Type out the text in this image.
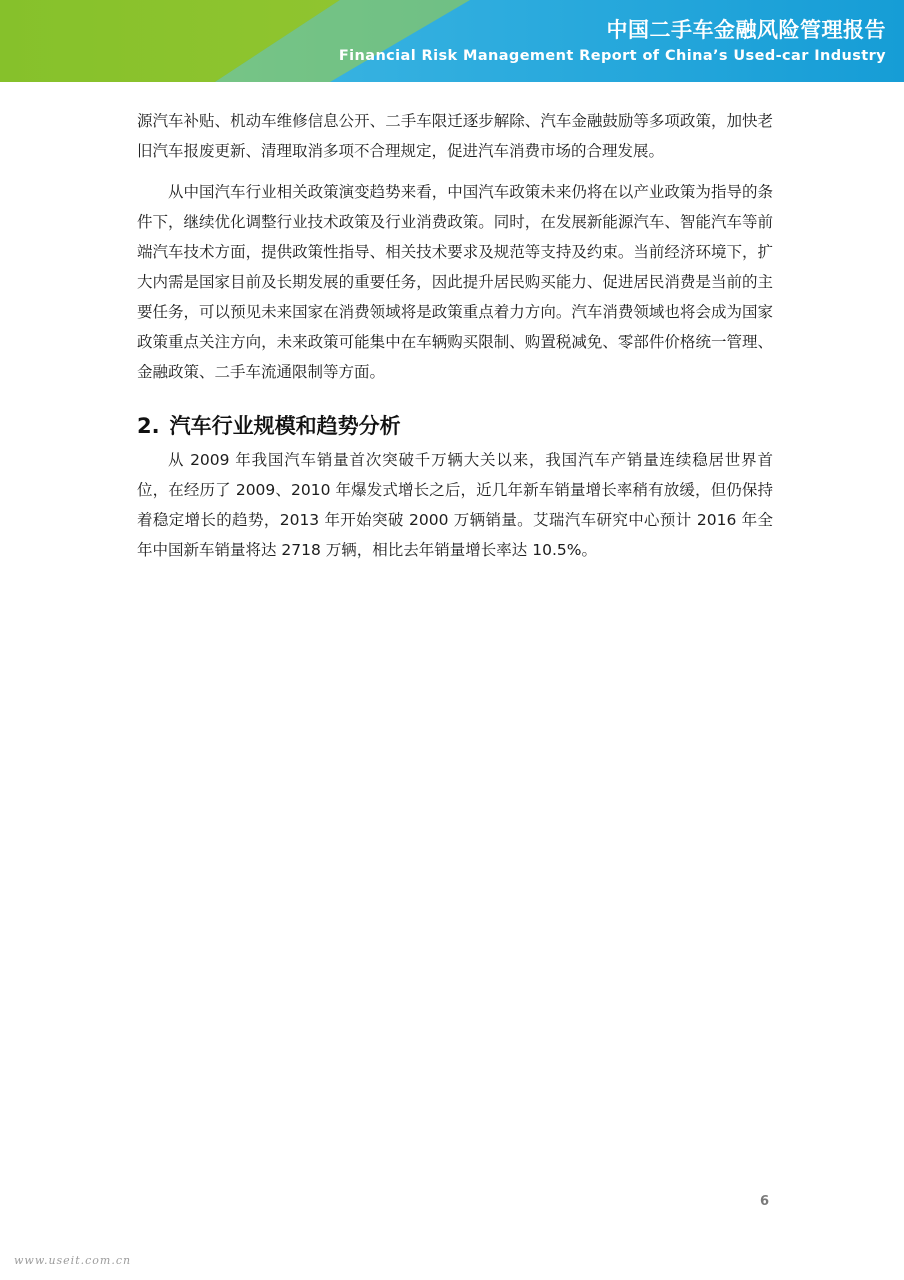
中国二手车金融风险管理报告
Financial Risk Management Report of China’s Used-car Industry

源汽车补贴、机动车维修信息公开、二手车限迁逐步解除、汽车金融鼓励等多项政策，加快老旧汽车报废更新、清理取消多项不合理规定，促进汽车消费市场的合理发展。

从中国汽车行业相关政策演变趋势来看，中国汽车政策未来仍将在以产业政策为指导的条件下，继续优化调整行业技术政策及行业消费政策。同时，在发展新能源汽车、智能汽车等前端汽车技术方面，提供政策性指导、相关技术要求及规范等支持及约束。当前经济环境下，扩大内需是国家目前及长期发展的重要任务，因此提升居民购买能力、促进居民消费是当前的主要任务，可以预见未来国家在消费领域将是政策重点着力方向。汽车消费领域也将会成为国家政策重点关注方向，未来政策可能集中在车辆购买限制、购置税减免、零部件价格统一管理、金融政策、二手车流通限制等方面。

2. 汽车行业规模和趋势分析

从 2009 年我国汽车销量首次突破千万辆大关以来，我国汽车产销量连续稳居世界首位，在经历了 2009、2010 年爆发式增长之后，近几年新车销量增长率稍有放缓，但仍保持着稳定增长的趋势，2013 年开始突破 2000 万辆销量。艾瑞汽车研究中心预计 2016 年全年中国新车销量将达 2718 万辆，相比去年销量增长率达 10.5%。

6
www.useit.com.cn
